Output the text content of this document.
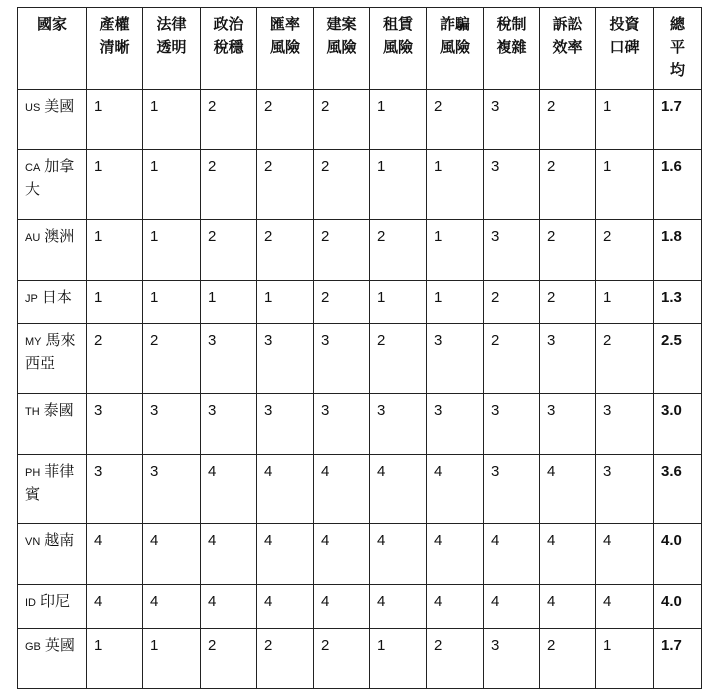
國家	產權清晰	法律透明	政治稅穩	匯率風險	建案風險	租賃風險	詐騙風險	稅制複雜	訴訟效率	投資口碑	總平均
US 美國	1	1	2	2	2	1	2	3	2	1	1.7
CA 加拿大	1	1	2	2	2	1	1	3	2	1	1.6
AU 澳洲	1	1	2	2	2	2	1	3	2	2	1.8
JP 日本	1	1	1	1	2	1	1	2	2	1	1.3
MY 馬來西亞	2	2	3	3	3	2	3	2	3	2	2.5
TH 泰國	3	3	3	3	3	3	3	3	3	3	3.0
PH 菲律賓	3	3	4	4	4	4	4	3	4	3	3.6
VN 越南	4	4	4	4	4	4	4	4	4	4	4.0
ID 印尼	4	4	4	4	4	4	4	4	4	4	4.0
GB 英國	1	1	2	2	2	1	2	3	2	1	1.7
